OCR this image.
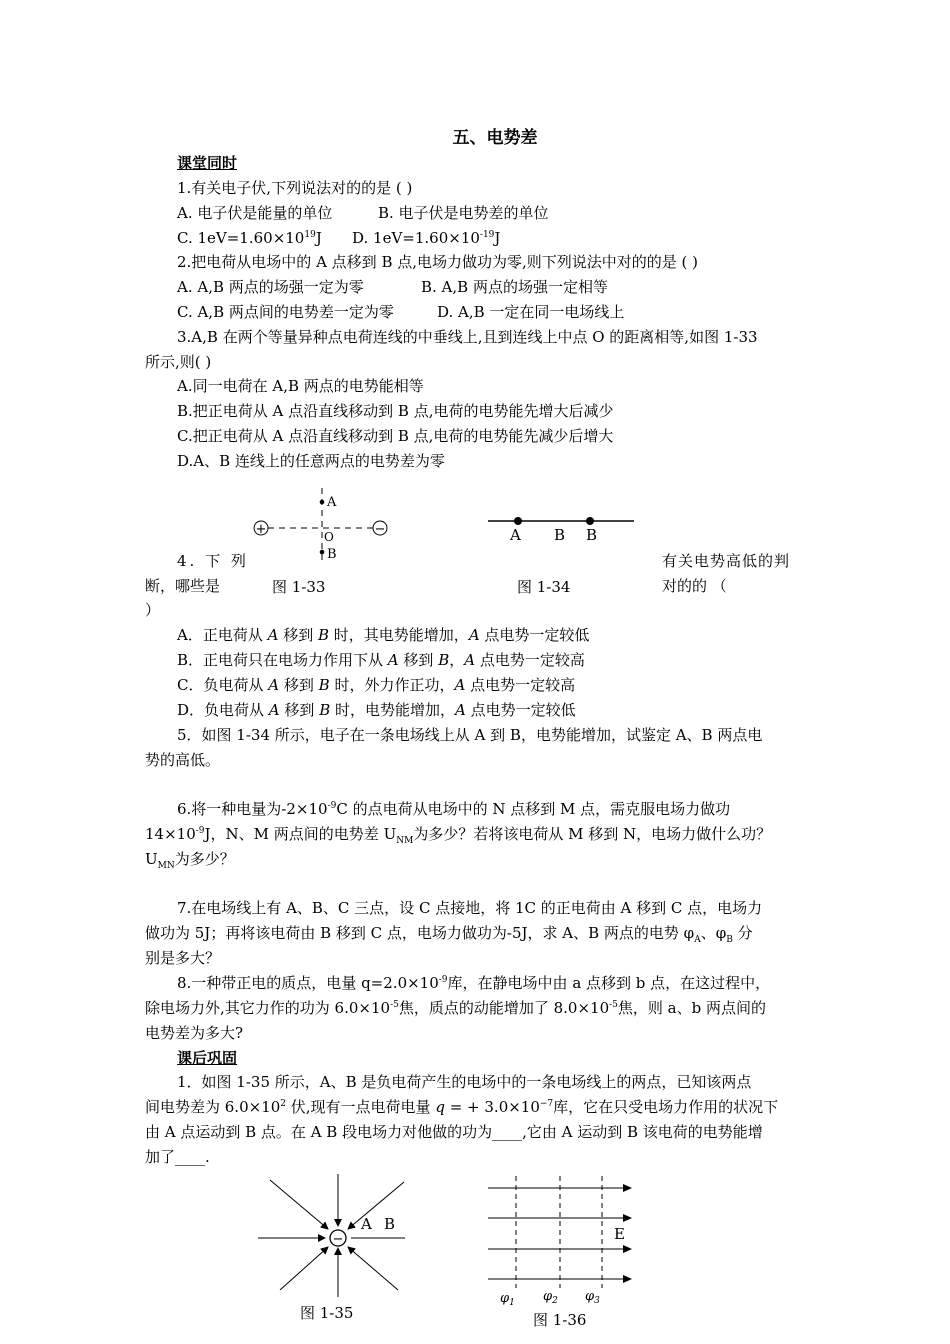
五、电势差
课堂同时
1.有关电子伏,下列说法对的的是 ( )
A. 电子伏是能量的单位	B. 电子伏是电势差的单位
C. $1eV=1.60\times 10^{19}J$ D. $1eV=1.60\times 10^{-19}J$
2.把电荷从电场中的 A 点移到 B 点,电场力做功为零,则下列说法中对的的是 ( )
A. A,B 两点的场强一定为零	B. A,B 两点的场强一定相等
C. A,B 两点间的电势差一定为零	D. A,B 一定在同一电场线上
3.A,B 在两个等量异种点电荷连线的中垂线上,且到连线上中点 O 的距离相等,如图 1-33
所示,则( )
A.同一电荷在 A,B 两点的电势能相等
B.把正电荷从 A 点沿直线移动到 B 点,电荷的电势能先增大后减少
C.把正电荷从 A 点沿直线移动到 B 点,电荷的电势能先减少后增大
D.A、B 连线上的任意两点的电势差为零
+	−
A
O
B
A B B
4. 下 列	有关电势高低的判
断，哪些是	图 1-33	图 1-34	对的的 （
）
A．正电荷从 A 移到 B 时，其电势能增加，A 点电势一定较低
B．正电荷只在电场力作用下从 A 移到 B，A 点电势一定较高
C．负电荷从 A 移到 B 时，外力作正功，A 点电势一定较高
D．负电荷从 A 移到 B 时，电势能增加，A 点电势一定较低
5．如图 1-34 所示，电子在一条电场线上从 A 到 B，电势能增加，试鉴定 A、B 两点电
势的高低。
6.将一种电量为$-2\times 10^{-9}C$ 的点电荷从电场中的 N 点移到 M 点，需克服电场力做功
$14\times 10^{-9}J$，N、M 两点间的电势差 $U_{NM}$为多少？若将该电荷从 M 移到 N，电场力做什么功？
$U_{MN}$为多少？
7.在电场线上有 A、B、C 三点，设 C 点接地，将 1C 的正电荷由 A 移到 C 点，电场力
做功为 5J；再将该电荷由 B 移到 C 点，电场力做功为-5J，求 A、B 两点的电势 $\varphi_A$、$\varphi_B$ 分
别是多大？
8.一种带正电的质点，电量 $q=2.0\times 10^{-9}$库，在静电场中由 a 点移到 b 点，在这过程中，
除电场力外,其它力作的功为 $6.0\times 10^{-5}$焦，质点的动能增加了 $8.0\times 10^{-5}$焦，则 a、b 两点间的
电势差为多大?
课后巩固
1．如图 1-35 所示，A、B 是负电荷产生的电场中的一条电场线上的两点，已知该两点
间电势差为 $6.0\times 10^2$ 伏,现有一点电荷电量 q = + $3.0\times 10^{-7}$库，它在只受电场力作用的状况下
由 A 点运动到 B 点。在 A B 段电场力对他做的功为____,它由 A 运动到 B 该电荷的电势能增
加了____.
−
A B
图 1-35
E
$\varphi_1$ $\varphi_2$ $\varphi_3$
图 1-36
